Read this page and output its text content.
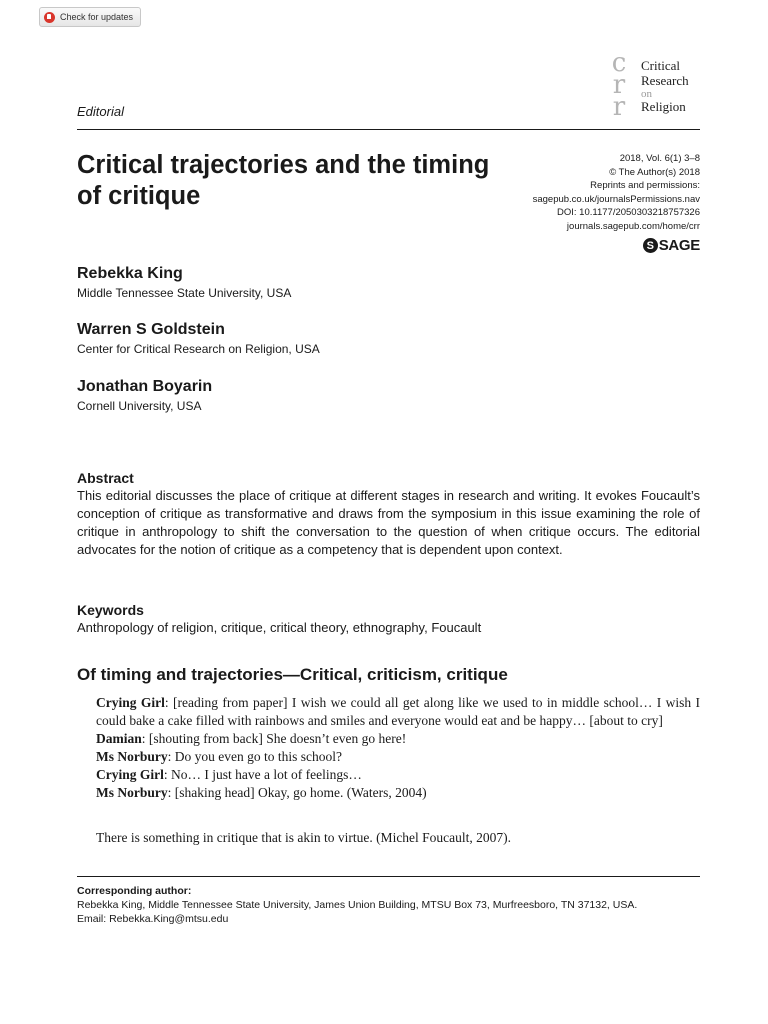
Check for updates
c
r
r
Critical
Research
on
Religion
Editorial
Critical trajectories and the timing of critique
2018, Vol. 6(1) 3–8
© The Author(s) 2018
Reprints and permissions:
sagepub.co.uk/journalsPermissions.nav
DOI: 10.1177/2050303218757326
journals.sagepub.com/home/crr
S SAGE
Rebekka King
Middle Tennessee State University, USA
Warren S Goldstein
Center for Critical Research on Religion, USA
Jonathan Boyarin
Cornell University, USA
Abstract

This editorial discusses the place of critique at different stages in research and writing. It evokes Foucault’s conception of critique as transformative and draws from the symposium in this issue examining the role of critique in anthropology to shift the conversation to the question of when critique occurs. The editorial advocates for the notion of critique as a competency that is dependent upon context.

Keywords

Anthropology of religion, critique, critical theory, ethnography, Foucault

Of timing and trajectories—Critical, criticism, critique

Crying Girl: [reading from paper] I wish we could all get along like we used to in middle school… I wish I could bake a cake filled with rainbows and smiles and everyone would eat and be happy… [about to cry]

Damian: [shouting from back] She doesn’t even go here!

Ms Norbury: Do you even go to this school?

Crying Girl: No… I just have a lot of feelings…

Ms Norbury: [shaking head] Okay, go home. (Waters, 2004)

There is something in critique that is akin to virtue. (Michel Foucault, 2007).
Corresponding author:
Rebekka King, Middle Tennessee State University, James Union Building, MTSU Box 73, Murfreesboro, TN 37132, USA.
Email: Rebekka.King@mtsu.edu
